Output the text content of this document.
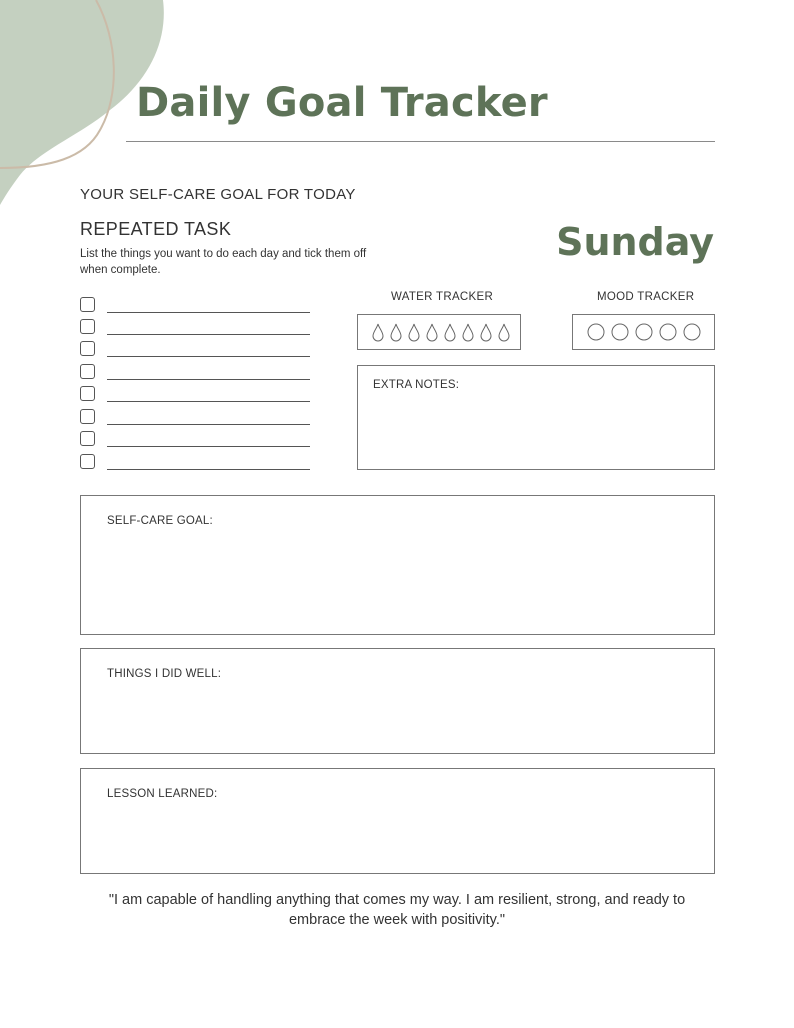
Daily Goal Tracker
YOUR SELF-CARE GOAL FOR TODAY
REPEATED TASK
List the things you want to do each day and tick them off when complete.
Sunday
WATER TRACKER	MOOD TRACKER
EXTRA NOTES:
SELF-CARE GOAL:
THINGS I DID WELL:
LESSON LEARNED:
"I am capable of handling anything that comes my way. I am resilient, strong, and ready to embrace the week with positivity."
